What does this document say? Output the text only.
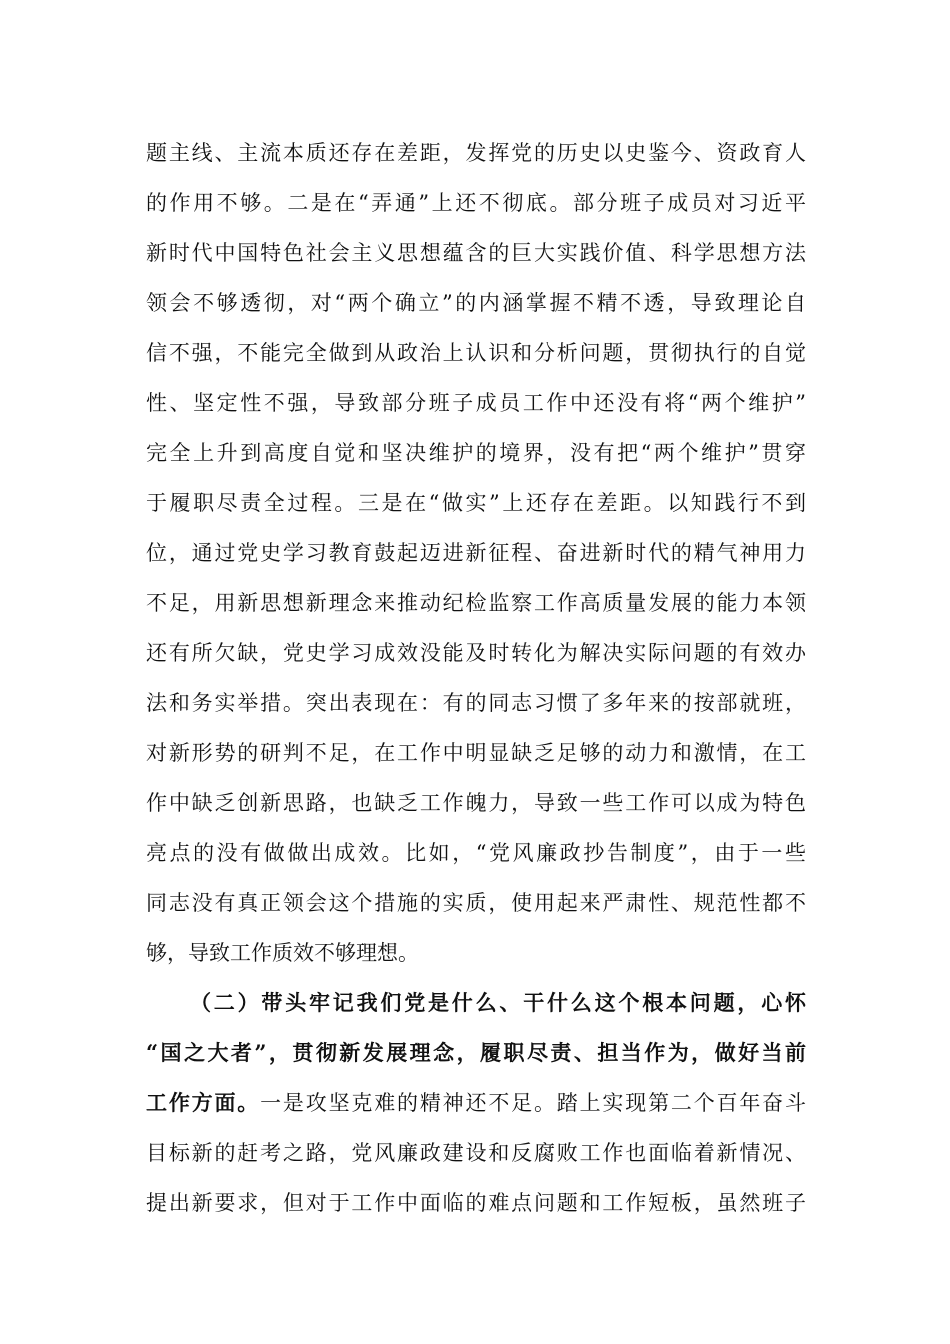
题主线、主流本质还存在差距，发挥党的历史以史鉴今、资政育人
的作用不够。二是在“弄通”上还不彻底。部分班子成员对习近平
新时代中国特色社会主义思想蕴含的巨大实践价值、科学思想方法
领会不够透彻，对“两个确立”的内涵掌握不精不透，导致理论自
信不强，不能完全做到从政治上认识和分析问题，贯彻执行的自觉
性、坚定性不强，导致部分班子成员工作中还没有将“两个维护”
完全上升到高度自觉和坚决维护的境界，没有把“两个维护”贯穿
于履职尽责全过程。三是在“做实”上还存在差距。以知践行不到
位，通过党史学习教育鼓起迈进新征程、奋进新时代的精气神用力
不足，用新思想新理念来推动纪检监察工作高质量发展的能力本领
还有所欠缺，党史学习成效没能及时转化为解决实际问题的有效办
法和务实举措。突出表现在：有的同志习惯了多年来的按部就班，
对新形势的研判不足，在工作中明显缺乏足够的动力和激情，在工
作中缺乏创新思路，也缺乏工作魄力，导致一些工作可以成为特色
亮点的没有做做出成效。比如，“党风廉政抄告制度”，由于一些
同志没有真正领会这个措施的实质，使用起来严肃性、规范性都不
够，导致工作质效不够理想。
（二）带头牢记我们党是什么、干什么这个根本问题，心怀
“国之大者”，贯彻新发展理念，履职尽责、担当作为，做好当前
工作方面。一是攻坚克难的精神还不足。踏上实现第二个百年奋斗
目标新的赶考之路，党风廉政建设和反腐败工作也面临着新情况、
提出新要求，但对于工作中面临的难点问题和工作短板，虽然班子
